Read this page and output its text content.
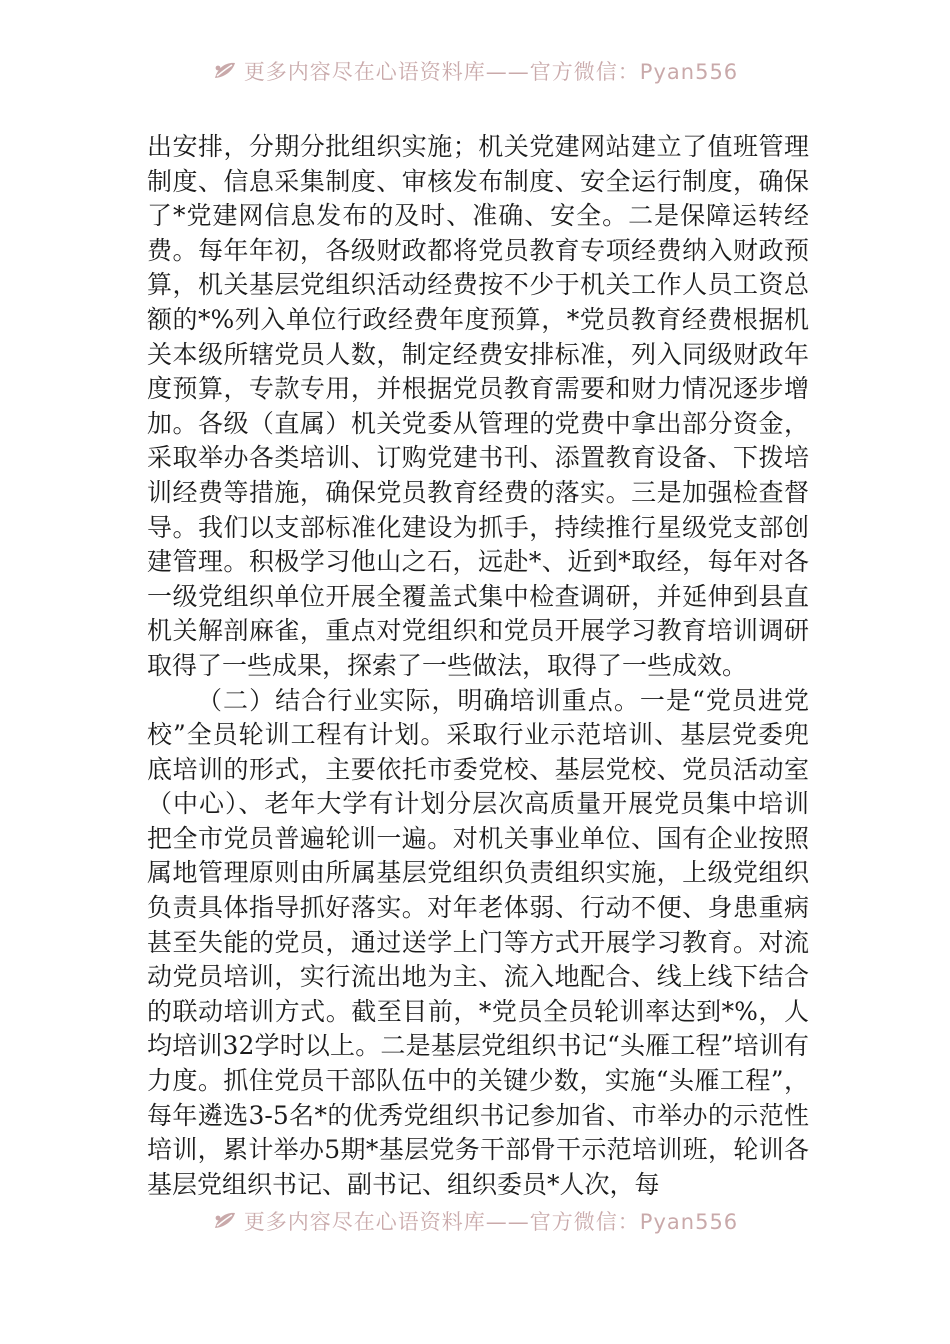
更多内容尽在心语资料库——官方微信：Pyan556

出安排，分期分批组织实施；机关党建网站建立了值班管理制度、信息采集制度、审核发布制度、安全运行制度，确保了*党建网信息发布的及时、准确、安全。二是保障运转经费。每年年初，各级财政都将党员教育专项经费纳入财政预算，机关基层党组织活动经费按不少于机关工作人员工资总额的*%列入单位行政经费年度预算，*党员教育经费根据机关本级所辖党员人数，制定经费安排标准，列入同级财政年度预算，专款专用，并根据党员教育需要和财力情况逐步增加。各级（直属）机关党委从管理的党费中拿出部分资金，采取举办各类培训、订购党建书刊、添置教育设备、下拨培训经费等措施，确保党员教育经费的落实。三是加强检查督导。我们以支部标准化建设为抓手，持续推行星级党支部创建管理。积极学习他山之石，远赴*、近到*取经，每年对各一级党组织单位开展全覆盖式集中检查调研，并延伸到县直机关解剖麻雀，重点对党组织和党员开展学习教育培训调研取得了一些成果，探索了一些做法，取得了一些成效。

（二）结合行业实际，明确培训重点。一是“党员进党校”全员轮训工程有计划。采取行业示范培训、基层党委兜底培训的形式，主要依托市委党校、基层党校、党员活动室（中心）、老年大学有计划分层次高质量开展党员集中培训把全市党员普遍轮训一遍。对机关事业单位、国有企业按照属地管理原则由所属基层党组织负责组织实施，上级党组织负责具体指导抓好落实。对年老体弱、行动不便、身患重病甚至失能的党员，通过送学上门等方式开展学习教育。对流动党员培训，实行流出地为主、流入地配合、线上线下结合的联动培训方式。截至目前，*党员全员轮训率达到*%，人均培训32学时以上。二是基层党组织书记“头雁工程”培训有力度。抓住党员干部队伍中的关键少数，实施“头雁工程”，每年遴选3-5名*的优秀党组织书记参加省、市举办的示范性培训，累计举办5期*基层党务干部骨干示范培训班，轮训各基层党组织书记、副书记、组织委员*人次，每

更多内容尽在心语资料库——官方微信：Pyan556
